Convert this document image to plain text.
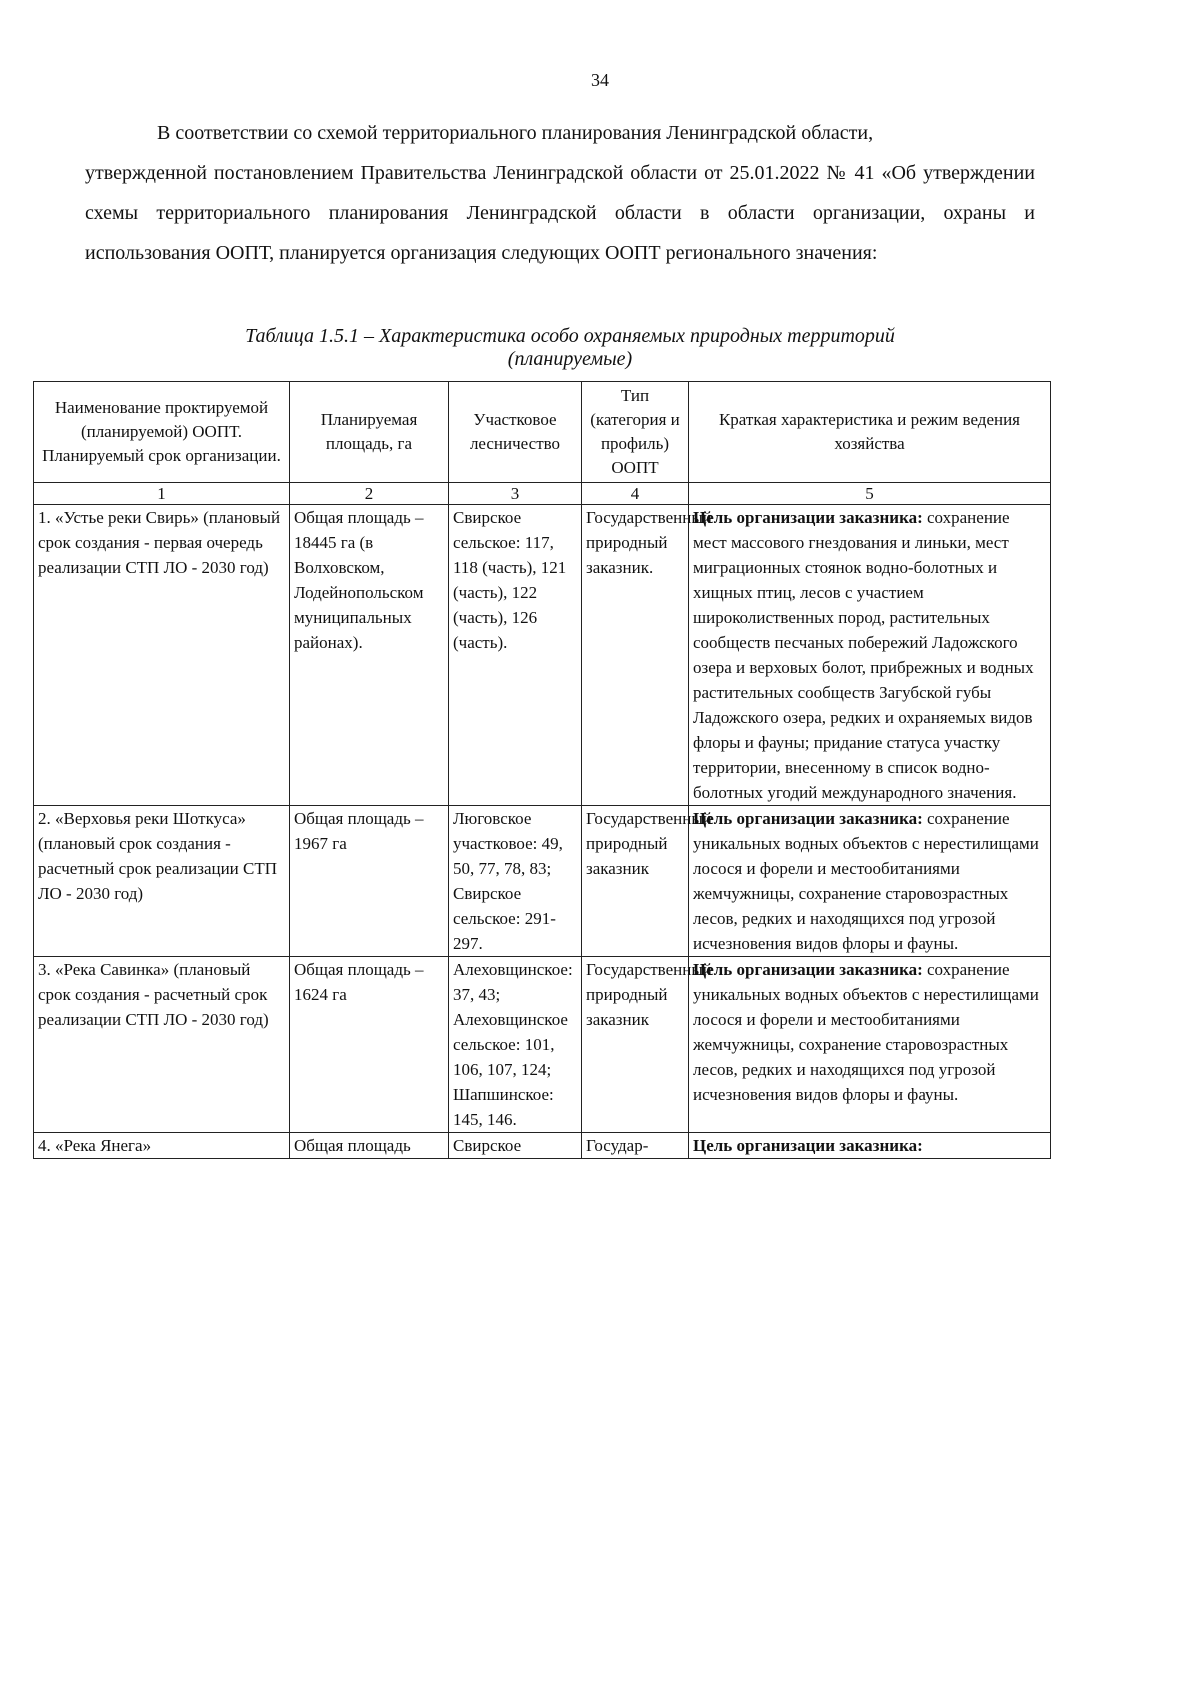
34

В соответствии со схемой территориального планирования Ленинградской области,

утвержденной постановлением Правительства Ленинградской области от 25.01.2022 № 41 «Об утверждении схемы территориального планирования Ленинградской области в области организации, охраны и использования ООПТ, планируется организация следующих ООПТ регионального значения:

Таблица 1.5.1 – Характеристика особо охраняемых природных территорий
(планируемые)
Наименование проктируемой (планируемой) ООПТ. Планируемый срок организации.	Планируемая площадь, га	Участковое лесничество	Тип (категория и профиль) ООПТ	Краткая характеристика и режим ведения хозяйства
1	2	3	4	5
1. «Устье реки Свирь» (плановый срок создания - первая очередь реализации СТП ЛО - 2030 год)	Общая площадь – 18445 га (в Волховском, Лодейнопольском муниципальных районах).	Свирское сельское: 117, 118 (часть), 121 (часть), 122 (часть), 126 (часть).	Государственный природный заказник.	Цель организации заказника: сохранение мест массового гнездования и линьки, мест миграционных стоянок водно-болотных и хищных птиц, лесов с участием широколиственных пород, растительных сообществ песчаных побережий Ладожского озера и верховых болот, прибрежных и водных растительных сообществ Загубской губы Ладожского озера, редких и охраняемых видов флоры и фауны; придание статуса участку территории, внесенному в список водно-болотных угодий международного значения.
2. «Верховья реки Шоткуса» (плановый срок создания - расчетный срок реализации СТП ЛО - 2030 год)	Общая площадь – 1967 га	Люговское участковое: 49, 50, 77, 78, 83; Свирское сельское: 291-297.	Государственный природный заказник	Цель организации заказника: сохранение уникальных водных объектов с нерестилищами лосося и форели и местообитаниями жемчужницы, сохранение старовозрастных лесов, редких и находящихся под угрозой исчезновения видов флоры и фауны.
3. «Река Савинка» (плановый срок создания - расчетный срок реализации СТП ЛО - 2030 год)	Общая площадь – 1624 га	Алеховщинское: 37, 43; Алеховщинское сельское: 101, 106, 107, 124; Шапшинское: 145, 146.	Государственный природный заказник	Цель организации заказника: сохранение уникальных водных объектов с нерестилищами лосося и форели и местообитаниями жемчужницы, сохранение старовозрастных лесов, редких и находящихся под угрозой исчезновения видов флоры и фауны.
4. «Река Янега»	Общая площадь	Свирское	Государ-	Цель организации заказника:
